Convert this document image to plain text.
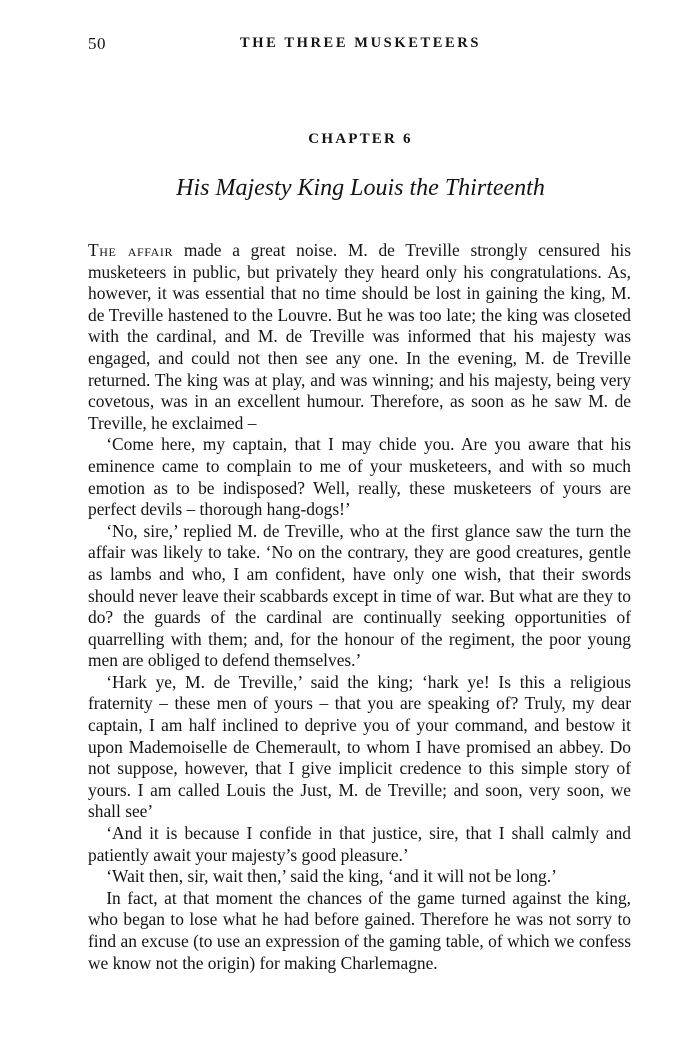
50	THE THREE MUSKETEERS
CHAPTER 6
His Majesty King Louis the Thirteenth

The affair made a great noise. M. de Treville strongly censured his musketeers in public, but privately they heard only his congratulations. As, however, it was essential that no time should be lost in gaining the king, M. de Treville hastened to the Louvre. But he was too late; the king was closeted with the cardinal, and M. de Treville was informed that his majesty was engaged, and could not then see any one. In the evening, M. de Treville returned. The king was at play, and was winning; and his majesty, being very covetous, was in an excellent humour. Therefore, as soon as he saw M. de Treville, he exclaimed –

‘Come here, my captain, that I may chide you. Are you aware that his eminence came to complain to me of your musketeers, and with so much emotion as to be indisposed? Well, really, these musketeers of yours are perfect devils – thorough hang-dogs!’

‘No, sire,’ replied M. de Treville, who at the first glance saw the turn the affair was likely to take. ‘No on the contrary, they are good creatures, gentle as lambs and who, I am confident, have only one wish, that their swords should never leave their scabbards except in time of war. But what are they to do? the guards of the cardinal are continually seeking opportunities of quarrelling with them; and, for the honour of the regiment, the poor young men are obliged to defend themselves.’

‘Hark ye, M. de Treville,’ said the king; ‘hark ye! Is this a religious fraternity – these men of yours – that you are speaking of? Truly, my dear captain, I am half inclined to deprive you of your command, and bestow it upon Mademoiselle de Chemerault, to whom I have promised an abbey. Do not suppose, however, that I give implicit credence to this simple story of yours. I am called Louis the Just, M. de Treville; and soon, very soon, we shall see’

‘And it is because I confide in that justice, sire, that I shall calmly and patiently await your majesty’s good pleasure.’

‘Wait then, sir, wait then,’ said the king, ‘and it will not be long.’

In fact, at that moment the chances of the game turned against the king, who began to lose what he had before gained. Therefore he was not sorry to find an excuse (to use an expression of the gaming table, of which we confess we know not the origin) for making Charlemagne.
